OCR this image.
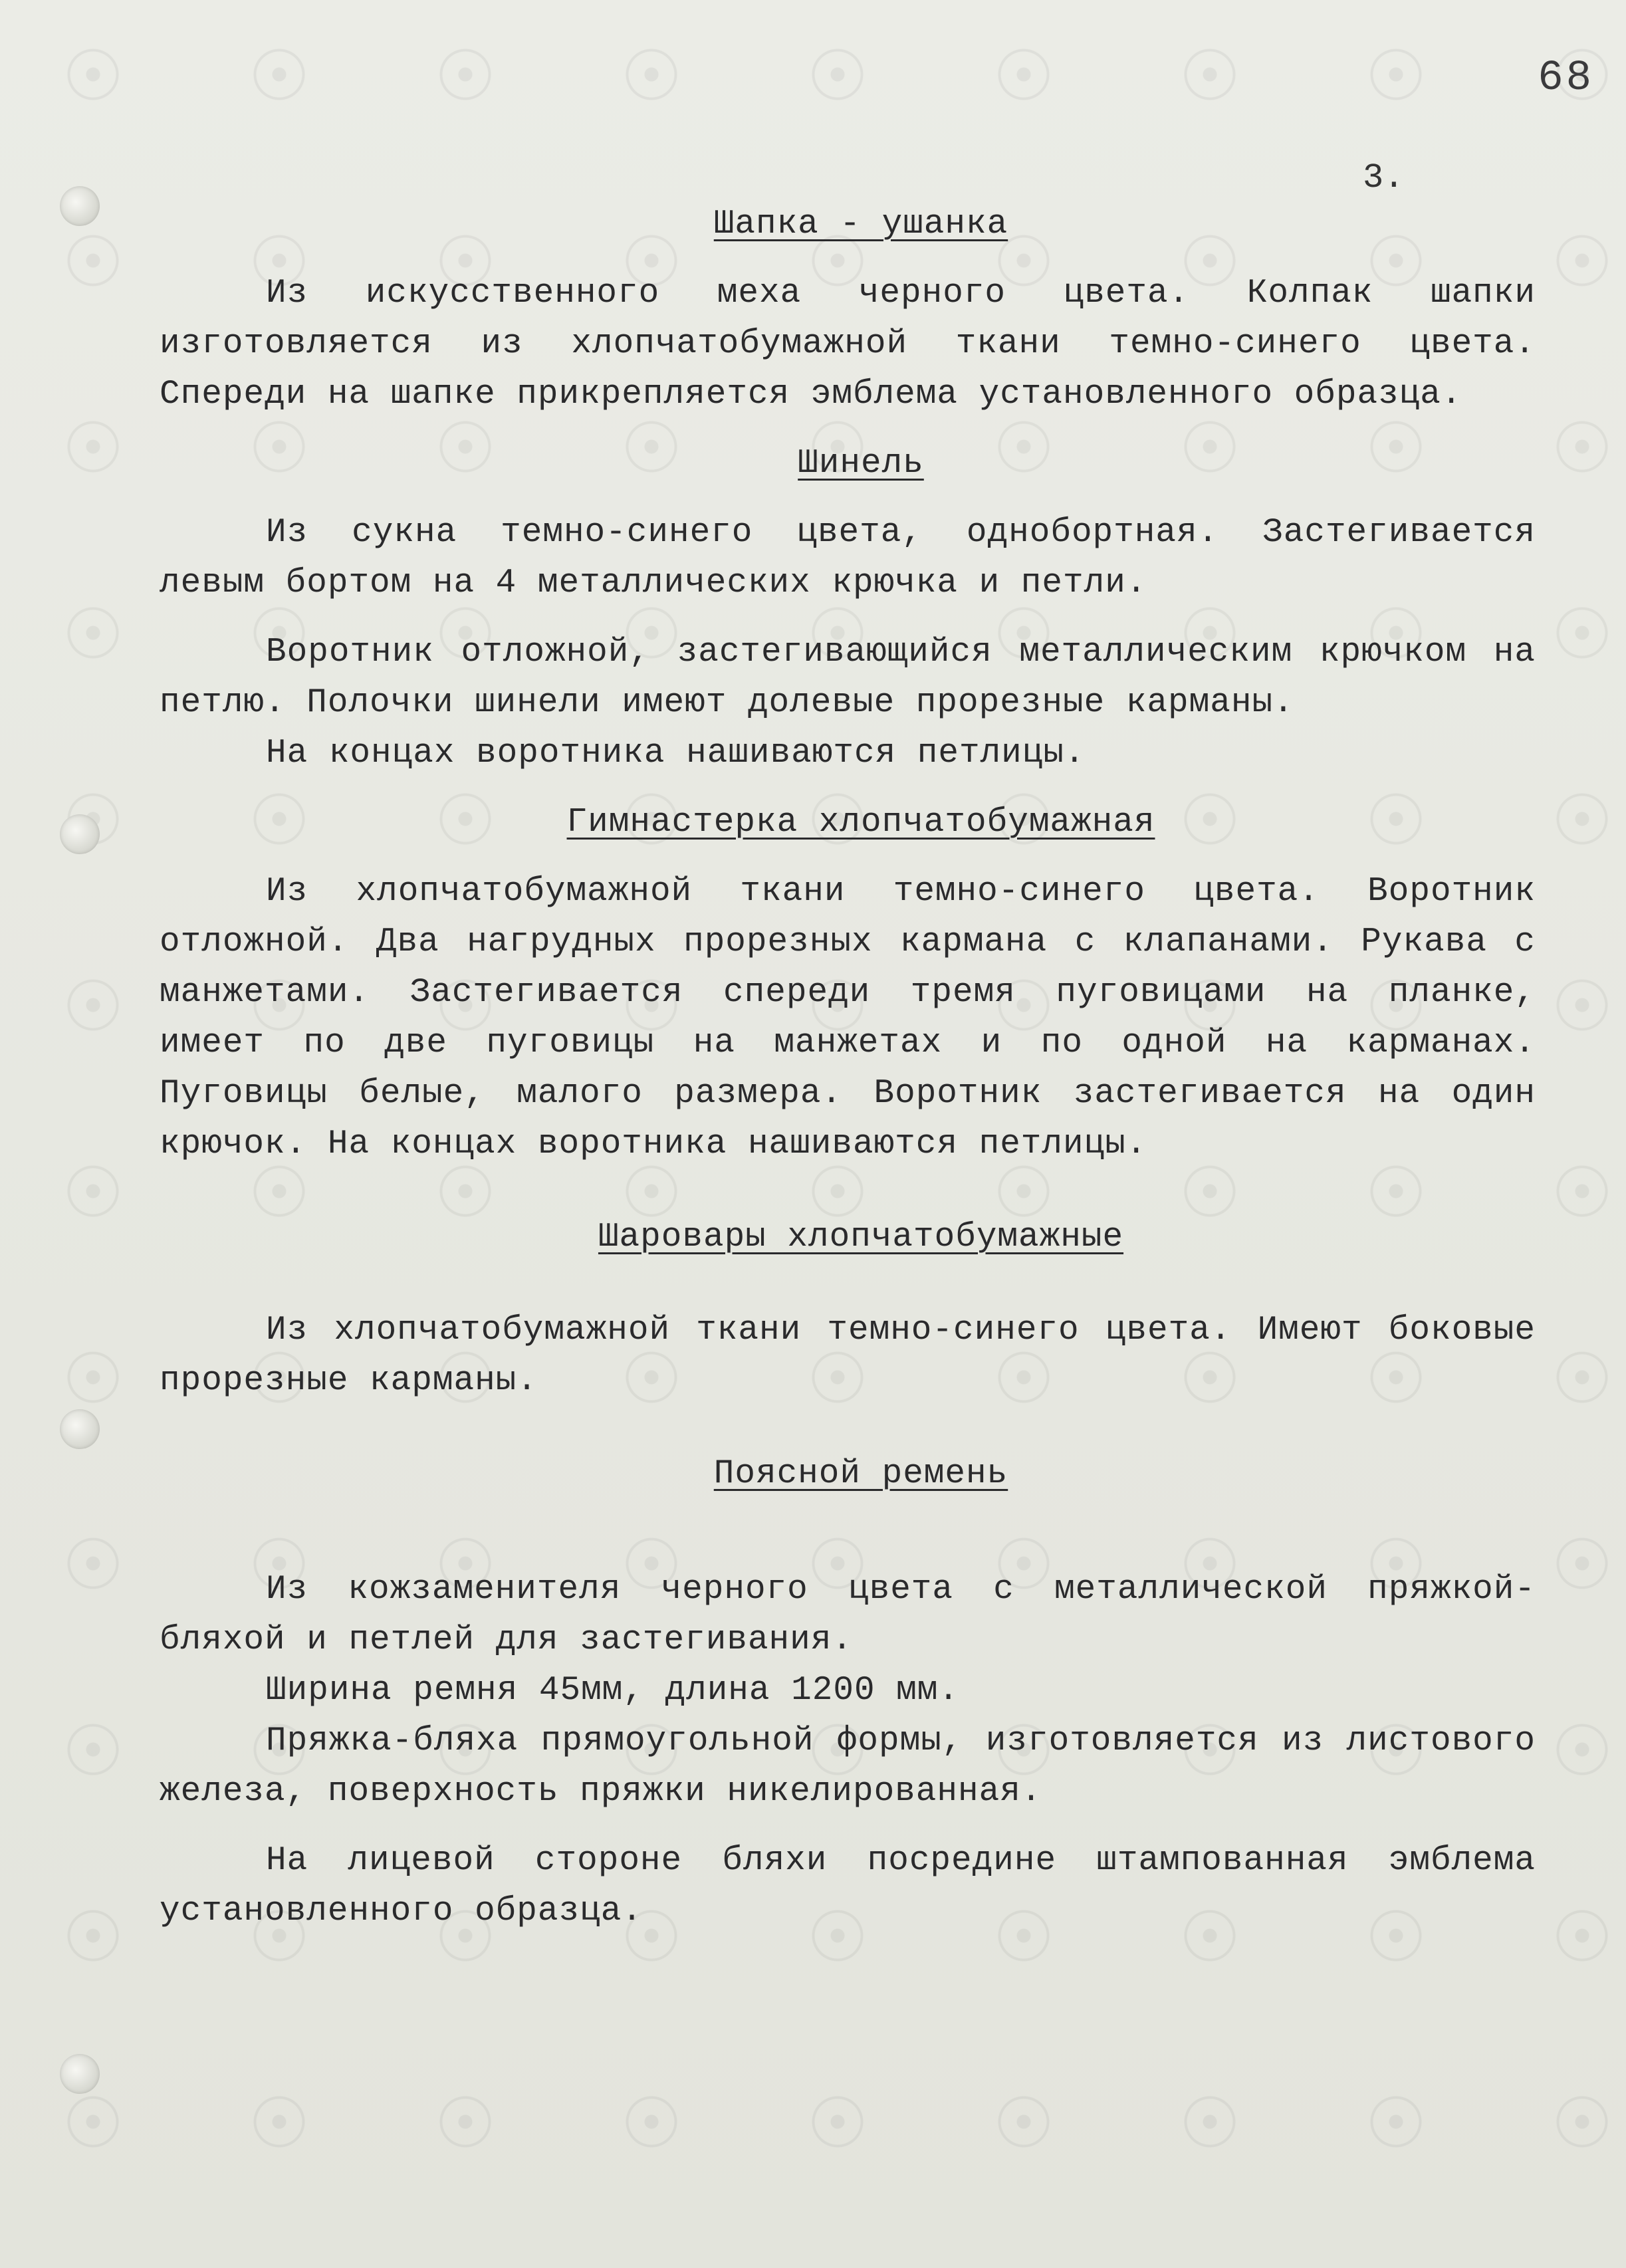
68
3.

Шапка - ушанка

Из искусственного меха черного цвета. Колпак шапки изготовляется из хлопчатобумажной ткани темно-синего цвета. Спереди на шапке прикрепляется эмблема установленного образца.

Шинель

Из сукна темно-синего цвета, однобортная. Застегивается левым бортом на 4 металлических крючка и петли.

Воротник отложной, застегивающийся металлическим крючком на петлю. Полочки шинели имеют долевые прорезные карманы.

На концах воротника нашиваются петлицы.

Гимнастерка хлопчатобумажная

Из хлопчатобумажной ткани темно-синего цвета. Воротник отложной. Два нагрудных прорезных кармана с клапанами. Рукава с манжетами. Застегивается спереди тремя пуговицами на планке, имеет по две пуговицы на манжетах и по одной на карманах. Пуговицы белые, малого размера. Воротник застегивается на один крючок. На концах воротника нашиваются петлицы.

Шаровары хлопчатобумажные

Из хлопчатобумажной ткани темно-синего цвета. Имеют боковые прорезные карманы.

Поясной ремень

Из кожзаменителя черного цвета с металлической пряжкой-бляхой и петлей для застегивания.

Ширина ремня 45мм, длина 1200 мм.

Пряжка-бляха прямоугольной формы, изготовляется из листового железа, поверхность пряжки никелированная.

На лицевой стороне бляхи посредине штампованная эмблема установленного образца.
